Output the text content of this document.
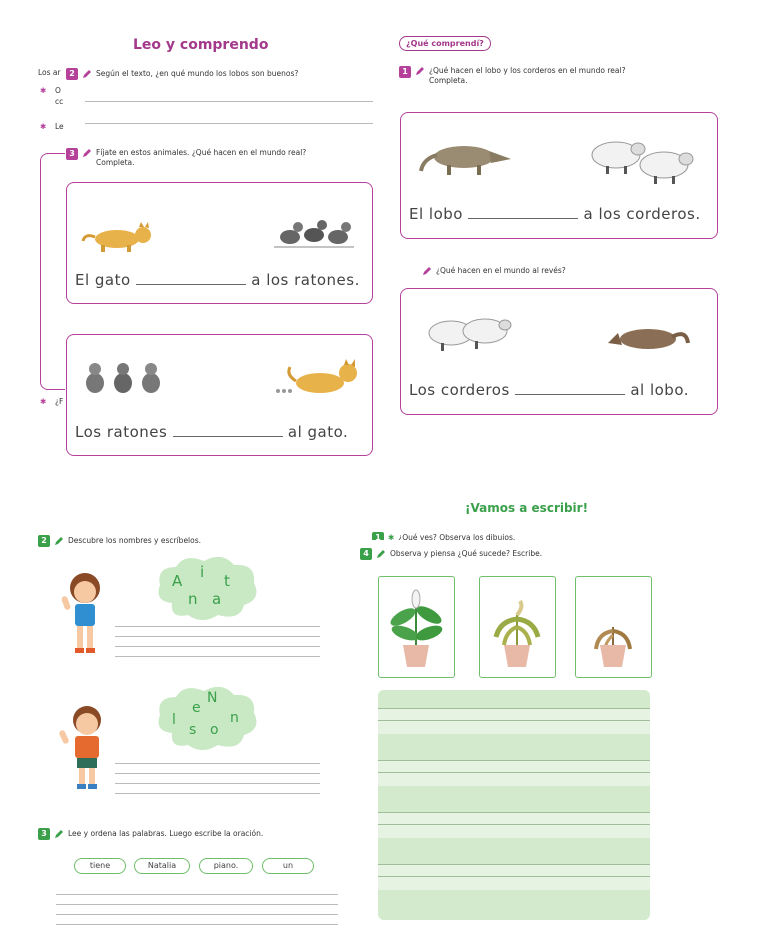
Leo y comprendo
Los ar
✱ O
cc
✱ Le
2	Según el texto, ¿en qué mundo los lobos son buenos?
3	Fíjate en estos animales. ¿Qué hacen en el mundo real?
Completa.
✱ ¿F
El gato	a los ratones.
Los ratones	al gato.
¿Qué comprendí?
1	¿Qué hacen el lobo y los corderos en el mundo real?
Completa.
El lobo	a los corderos.
¿Qué hacen en el mundo al revés?
Los corderos	al lobo.
2	Descubre los nombres y escríbelos.
A i t
n a
e
N
l	n
s o
3	Lee y ordena las palabras. Luego escribe la oración.
tiene	Natalia	piano.	un
¡Vamos a escribir!
1 ✱ ¿Qué ves? Observa los dibujos.
4	Observa y piensa ¿Qué sucede? Escribe.
